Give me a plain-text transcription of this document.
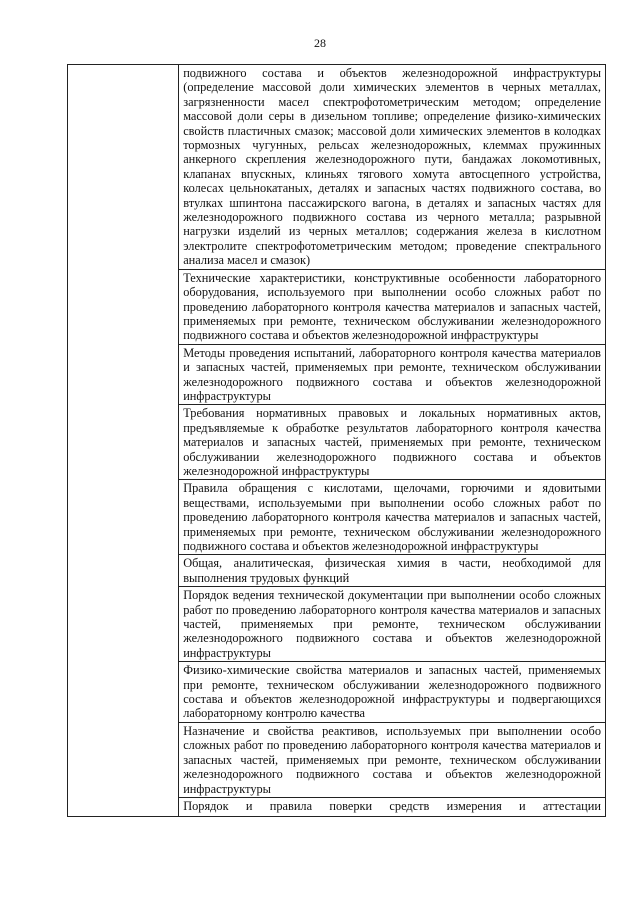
28
	подвижного состава и объектов железнодорожной инфраструктуры (определение массовой доли химических элементов в черных металлах, загрязненности масел спектрофотометрическим методом; определение массовой доли серы в дизельном топливе; определение физико-химических свойств пластичных смазок; массовой доли химических элементов в колодках тормозных чугунных, рельсах железнодорожных, клеммах пружинных анкерного скрепления железнодорожного пути, бандажах локомотивных, клапанах впускных, клиньях тягового хомута автосцепного устройства, колесах цельнокатаных, деталях и запасных частях подвижного состава, во втулках шпинтона пассажирского вагона, в деталях и запасных частях для железнодорожного подвижного состава из черного металла; разрывной нагрузки изделий из черных металлов; содержания железа в кислотном электролите спектрофотометрическим методом; проведение спектрального анализа масел и смазок)
Технические характеристики, конструктивные особенности лабораторного оборудования, используемого при выполнении особо сложных работ по проведению лабораторного контроля качества материалов и запасных частей, применяемых при ремонте, техническом обслуживании железнодорожного подвижного состава и объектов железнодорожной инфраструктуры
Методы проведения испытаний, лабораторного контроля качества материалов и запасных частей, применяемых при ремонте, техническом обслуживании железнодорожного подвижного состава и объектов железнодорожной инфраструктуры
Требования нормативных правовых и локальных нормативных актов, предъявляемые к обработке результатов лабораторного контроля качества материалов и запасных частей, применяемых при ремонте, техническом обслуживании железнодорожного подвижного состава и объектов железнодорожной инфраструктуры
Правила обращения с кислотами, щелочами, горючими и ядовитыми веществами, используемыми при выполнении особо сложных работ по проведению лабораторного контроля качества материалов и запасных частей, применяемых при ремонте, техническом обслуживании железнодорожного подвижного состава и объектов железнодорожной инфраструктуры
Общая, аналитическая, физическая химия в части, необходимой для выполнения трудовых функций
Порядок ведения технической документации при выполнении особо сложных работ по проведению лабораторного контроля качества материалов и запасных частей, применяемых при ремонте, техническом обслуживании железнодорожного подвижного состава и объектов железнодорожной инфраструктуры
Физико-химические свойства материалов и запасных частей, применяемых при ремонте, техническом обслуживании железнодорожного подвижного состава и объектов железнодорожной инфраструктуры и подвергающихся лабораторному контролю качества
Назначение и свойства реактивов, используемых при выполнении особо сложных работ по проведению лабораторного контроля качества материалов и запасных частей, применяемых при ремонте, техническом обслуживании железнодорожного подвижного состава и объектов железнодорожной инфраструктуры
Порядок и правила поверки средств измерения и аттестации
